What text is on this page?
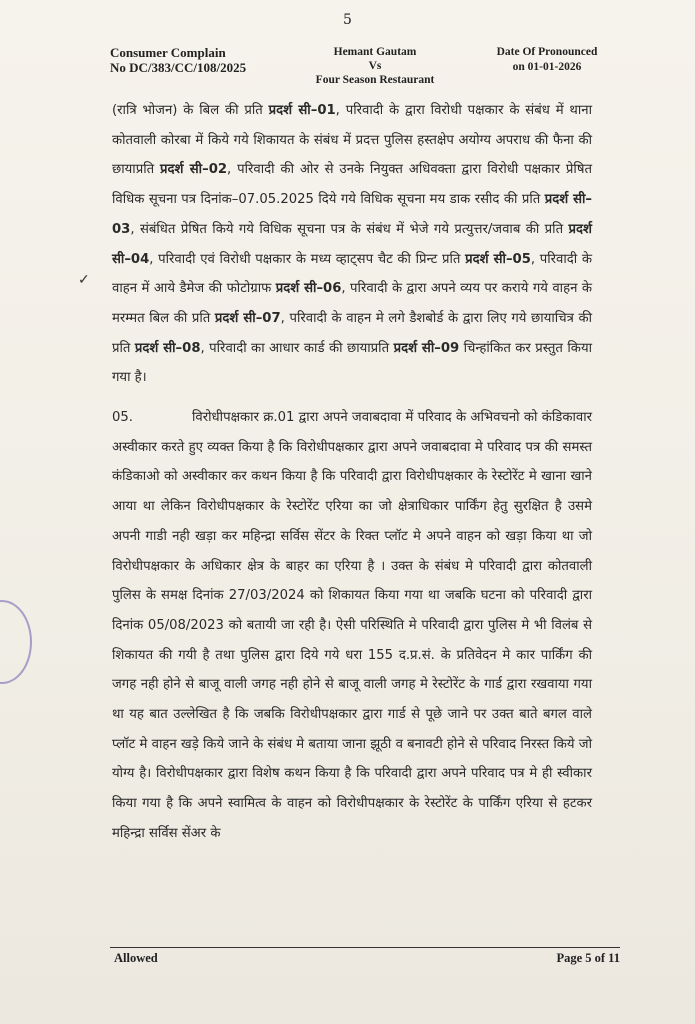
✓
5
Consumer Complain
No DC/383/CC/108/2025
Hemant Gautam
Vs
Four Season Restaurant
Date Of Pronounced
on 01-01-2026

(रात्रि भोजन) के बिल की प्रति प्रदर्श सी–01, परिवादी के द्वारा विरोधी पक्षकार के संबंध में थाना कोतवाली कोरबा में किये गये शिकायत के संबंध में प्रदत्त पुलिस हस्तक्षेप अयोग्य अपराध की फैना की छायाप्रति प्रदर्श सी–02, परिवादी की ओर से उनके नियुक्त अधिवक्ता द्वारा विरोधी पक्षकार प्रेषित विधिक सूचना पत्र दिनांक–07.05.2025 दिये गये विधिक सूचना मय डाक रसीद की प्रति प्रदर्श सी–03, संबंधित प्रेषित किये गये विधिक सूचना पत्र के संबंध में भेजे गये प्रत्युत्तर/जवाब की प्रति प्रदर्श सी–04, परिवादी एवं विरोधी पक्षकार के मध्य व्हाट्सप चैट की प्रिन्ट प्रति प्रदर्श सी–05, परिवादी के वाहन में आये डैमेज की फोटोग्राफ प्रदर्श सी–06, परिवादी के द्वारा अपने व्यय पर कराये गये वाहन के मरम्मत बिल की प्रति प्रदर्श सी–07, परिवादी के वाहन मे लगे डैशबोर्ड के द्वारा लिए गये छायाचित्र की प्रति प्रदर्श सी–08, परिवादी का आधार कार्ड की छायाप्रति प्रदर्श सी–09 चिन्हांकित कर प्रस्तुत किया गया है।

05.	विरोधीपक्षकार क्र.01 द्वारा अपने जवाबदावा में परिवाद के अभिवचनो को कंडिकावार अस्वीकार करते हुए व्यक्त किया है कि विरोधीपक्षकार द्वारा अपने जवाबदावा मे परिवाद पत्र की समस्त कंडिकाओ को अस्वीकार कर कथन किया है कि परिवादी द्वारा विरोधीपक्षकार के रेस्टोरेंट मे खाना खाने आया था लेकिन विरोधीपक्षकार के रेस्टोरेंट एरिया का जो क्षेत्राधिकार पार्किंग हेतु सुरक्षित है उसमे अपनी गाडी नही खड़ा कर महिन्द्रा सर्विस सेंटर के रिक्त प्लॉट मे अपने वाहन को खड़ा किया था जो विरोधीपक्षकार के अधिकार क्षेत्र के बाहर का एरिया है । उक्त के संबंध मे परिवादी द्वारा कोतवाली पुलिस के समक्ष दिनांक 27/03/2024 को शिकायत किया गया था जबकि घटना को परिवादी द्वारा दिनांक 05/08/2023 को बतायी जा रही है। ऐसी परिस्थिति मे परिवादी द्वारा पुलिस मे भी विलंब से शिकायत की गयी है तथा पुलिस द्वारा दिये गये धरा 155 द.प्र.सं. के प्रतिवेदन मे कार पार्किंग की जगह नही होने से बाजू वाली जगह नही होने से बाजू वाली जगह मे रेस्टोरेंट के गार्ड द्वारा रखवाया गया था यह बात उल्लेखित है कि जबकि विरोधीपक्षकार द्वारा गार्ड से पूछे जाने पर उक्त बाते बगल वाले प्लॉट मे वाहन खड़े किये जाने के संबंध मे बताया जाना झूठी व बनावटी होने से परिवाद निरस्त किये जो योग्य है। विरोधीपक्षकार द्वारा विशेष कथन किया है कि परिवादी द्वारा अपने परिवाद पत्र मे ही स्वीकार किया गया है कि अपने स्वामित्व के वाहन को विरोधीपक्षकार के रेस्टोरेंट के पार्किंग एरिया से हटकर महिन्द्रा सर्विस सेंअर के

Allowed	Page 5 of 11
